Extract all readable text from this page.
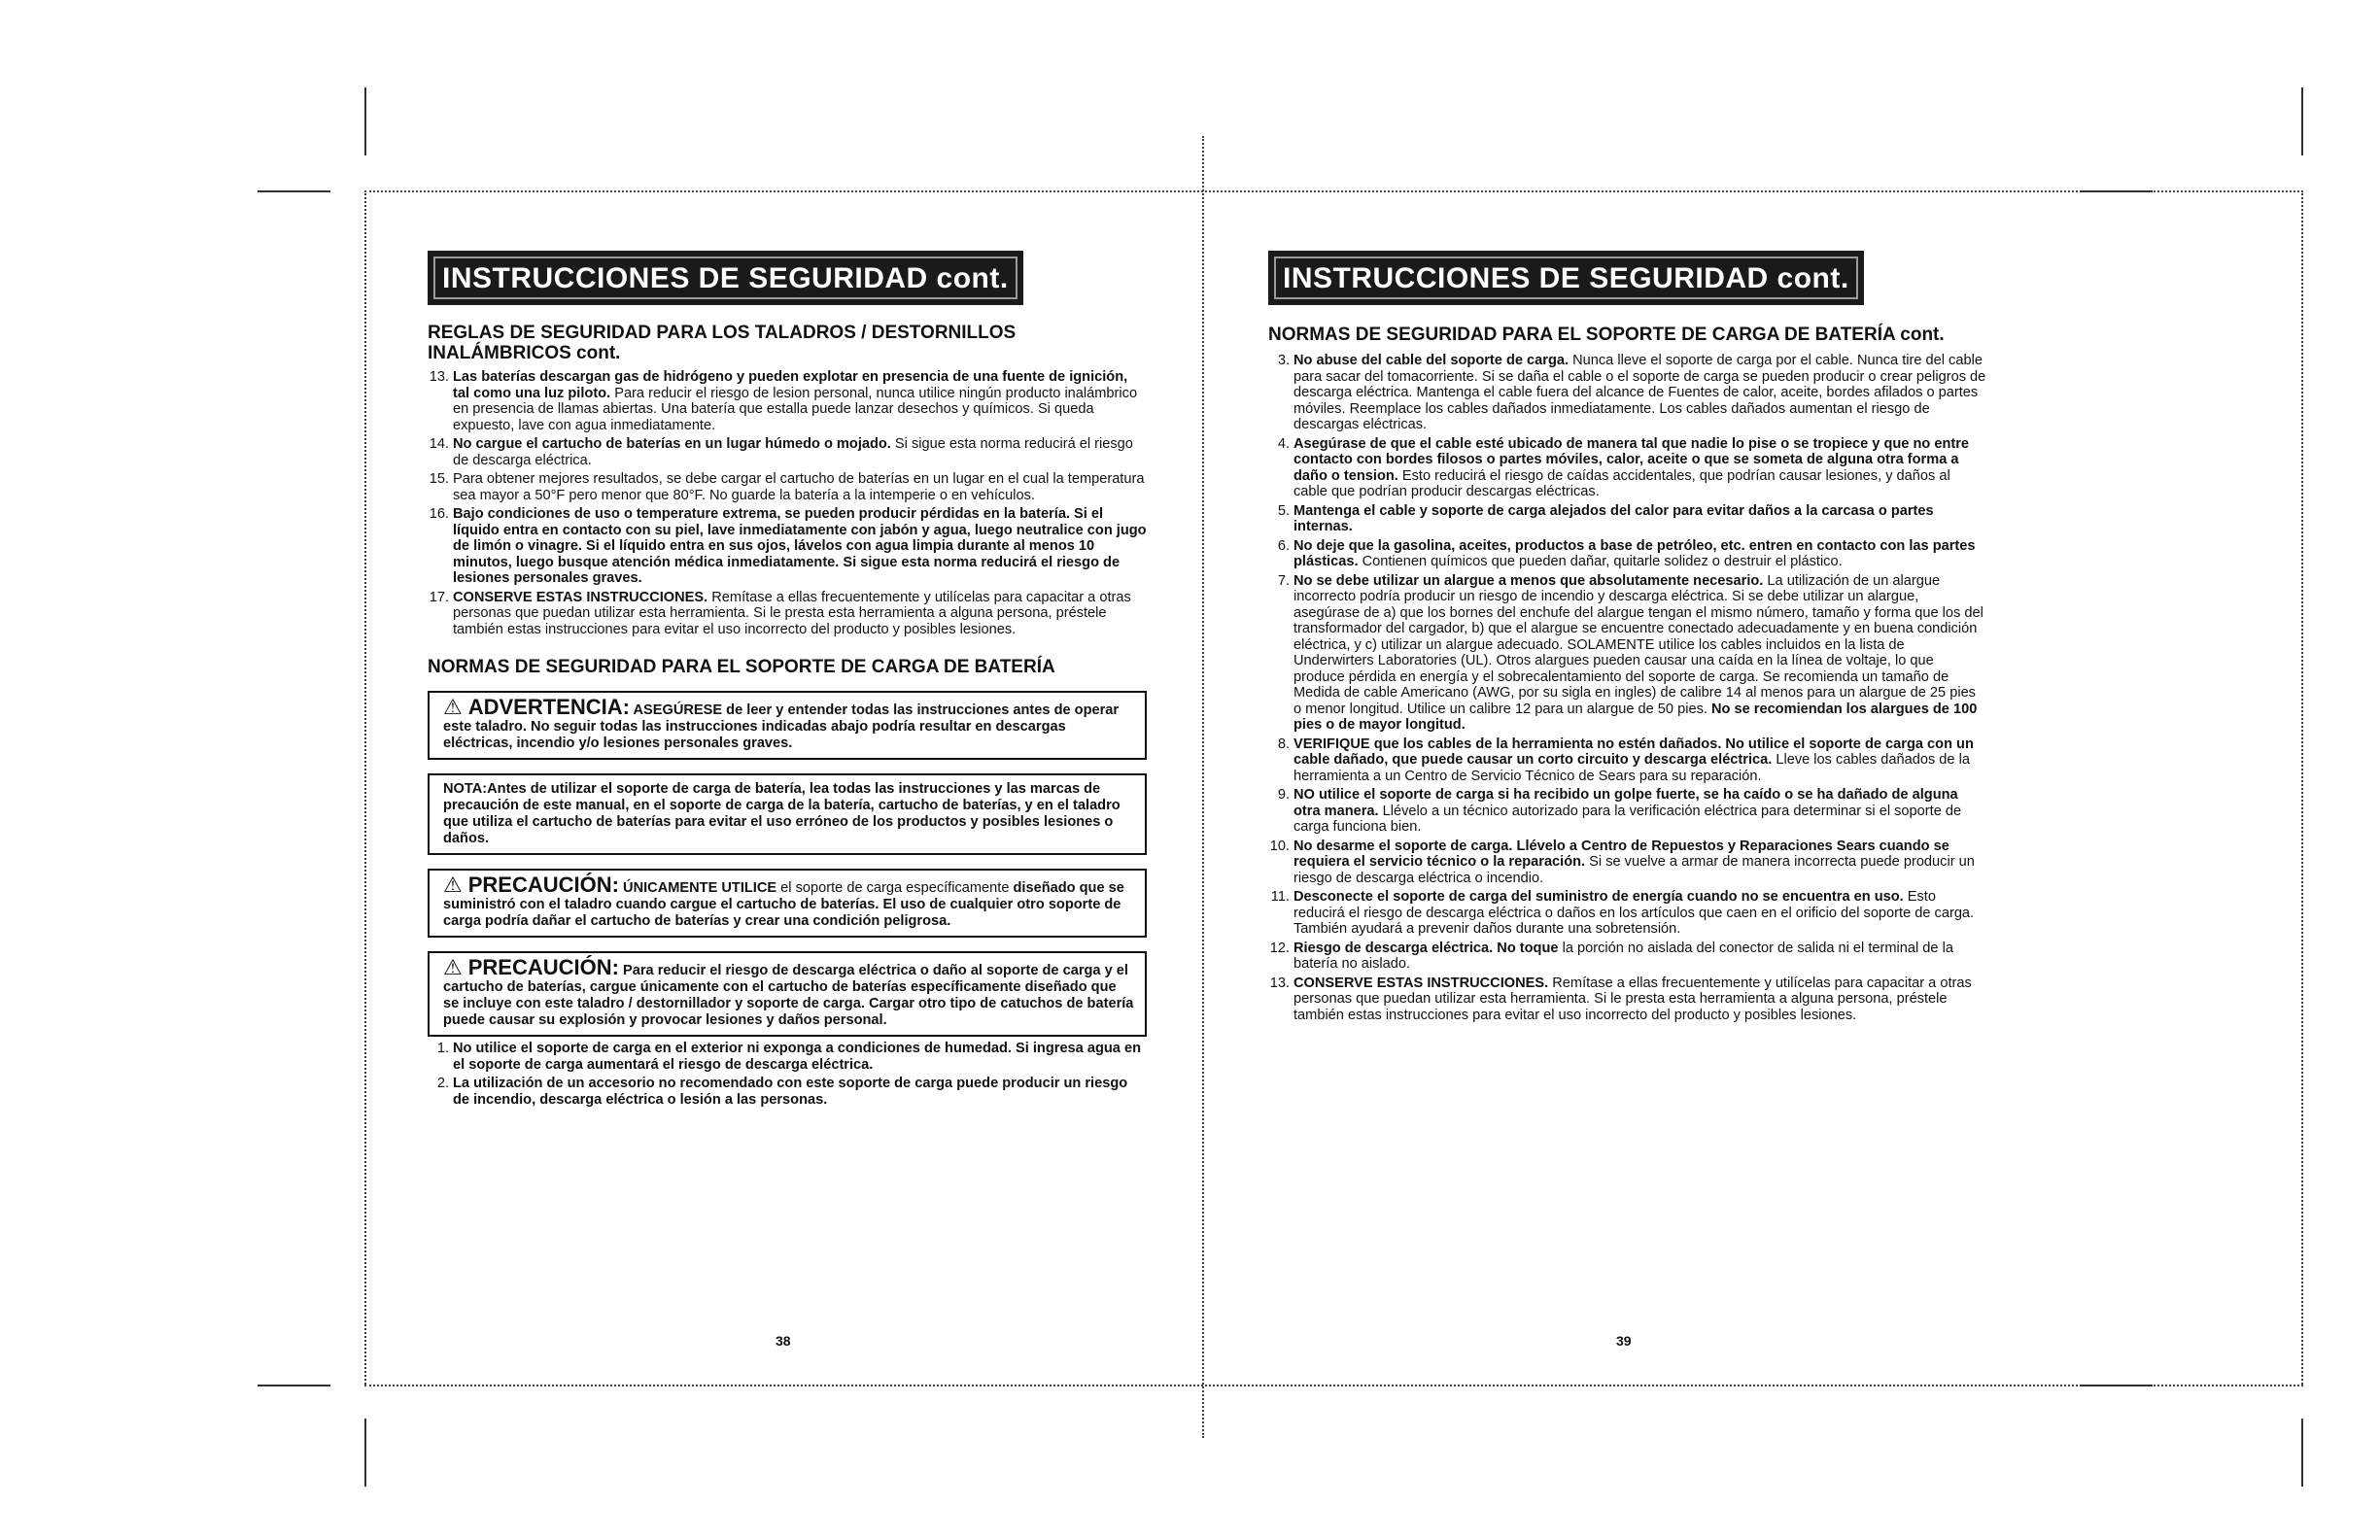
INSTRUCCIONES DE SEGURIDAD cont.
REGLAS DE SEGURIDAD PARA LOS TALADROS / DESTORNILLOS INALÁMBRICOS cont.
13. Las baterías descargan gas de hidrógeno y pueden explotar en presencia de una fuente de ignición, tal como una luz piloto. Para reducir el riesgo de lesion personal, nunca utilice ningún producto inalámbrico en presencia de llamas abiertas. Una batería que estalla puede lanzar desechos y químicos. Si queda expuesto, lave con agua inmediatamente.
14. No cargue el cartucho de baterías en un lugar húmedo o mojado. Si sigue esta norma reducirá el riesgo de descarga eléctrica.
15. Para obtener mejores resultados, se debe cargar el cartucho de baterías en un lugar en el cual la temperatura sea mayor a 50°F pero menor que 80°F. No guarde la batería a la intemperie o en vehículos.
16. Bajo condiciones de uso o temperature extrema, se pueden producir pérdidas en la batería. Si el líquido entra en contacto con su piel, lave inmediatamente con jabón y agua, luego neutralice con jugo de limón o vinagre. Si el líquido entra en sus ojos, lávelos con agua limpia durante al menos 10 minutos, luego busque atención médica inmediatamente. Si sigue esta norma reducirá el riesgo de lesiones personales graves.
17. CONSERVE ESTAS INSTRUCCIONES. Remítase a ellas frecuentemente y utilícelas para capacitar a otras personas que puedan utilizar esta herramienta. Si le presta esta herramienta a alguna persona, préstele también estas instrucciones para evitar el uso incorrecto del producto y posibles lesiones.
NORMAS DE SEGURIDAD PARA EL SOPORTE DE CARGA DE BATERÍA
⚠ ADVERTENCIA: ASEGÚRESE de leer y entender todas las instrucciones antes de operar este taladro. No seguir todas las instrucciones indicadas abajo podría resultar en descargas eléctricas, incendio y/o lesiones personales graves.
NOTA:Antes de utilizar el soporte de carga de batería, lea todas las instrucciones y las marcas de precaución de este manual, en el soporte de carga de la batería, cartucho de baterías, y en el taladro que utiliza el cartucho de baterías para evitar el uso erróneo de los productos y posibles lesiones o daños.
⚠ PRECAUCIÓN: ÚNICAMENTE UTILICE el soporte de carga específicamente diseñado que se suministró con el taladro cuando cargue el cartucho de baterías. El uso de cualquier otro soporte de carga podría dañar el cartucho de baterías y crear una condición peligrosa.
⚠ PRECAUCIÓN: Para reducir el riesgo de descarga eléctrica o daño al soporte de carga y el cartucho de baterías, cargue únicamente con el cartucho de baterías específicamente diseñado que se incluye con este taladro / destornillador y soporte de carga. Cargar otro tipo de catuchos de batería puede causar su explosión y provocar lesiones y daños personal.
1. No utilice el soporte de carga en el exterior ni exponga a condiciones de humedad. Si ingresa agua en el soporte de carga aumentará el riesgo de descarga eléctrica.
2. La utilización de un accesorio no recomendado con este soporte de carga puede producir un riesgo de incendio, descarga eléctrica o lesión a las personas.
38
INSTRUCCIONES DE SEGURIDAD cont.
NORMAS DE SEGURIDAD PARA EL SOPORTE DE CARGA DE BATERÍA cont.
3. No abuse del cable del soporte de carga. Nunca lleve el soporte de carga por el cable. Nunca tire del cable para sacar del tomacorriente. Si se daña el cable o el soporte de carga se pueden producir o crear peligros de descarga eléctrica. Mantenga el cable fuera del alcance de Fuentes de calor, aceite, bordes afilados o partes móviles. Reemplace los cables dañados inmediatamente. Los cables dañados aumentan el riesgo de descargas eléctricas.
4. Asegúrase de que el cable esté ubicado de manera tal que nadie lo pise o se tropiece y que no entre contacto con bordes filosos o partes móviles, calor, aceite o que se someta de alguna otra forma a daño o tension. Esto reducirá el riesgo de caídas accidentales, que podrían causar lesiones, y daños al cable que podrían producir descargas eléctricas.
5. Mantenga el cable y soporte de carga alejados del calor para evitar daños a la carcasa o partes internas.
6. No deje que la gasolina, aceites, productos a base de petróleo, etc. entren en contacto con las partes plásticas. Contienen químicos que pueden dañar, quitarle solidez o destruir el plástico.
7. No se debe utilizar un alargue a menos que absolutamente necesario. La utilización de un alargue incorrecto podría producir un riesgo de incendio y descarga eléctrica. Si se debe utilizar un alargue, asegúrase de a) que los bornes del enchufe del alargue tengan el mismo número, tamaño y forma que los del transformador del cargador, b) que el alargue se encuentre conectado adecuadamente y en buena condición eléctrica, y c) utilizar un alargue adecuado. SOLAMENTE utilice los cables incluidos en la lista de Underwirters Laboratories (UL). Otros alargues pueden causar una caída en la línea de voltaje, lo que produce pérdida en energía y el sobrecalentamiento del soporte de carga. Se recomienda un tamaño de Medida de cable Americano (AWG, por su sigla en ingles) de calibre 14 al menos para un alargue de 25 pies o menor longitud. Utilice un calibre 12 para un alargue de 50 pies. No se recomiendan los alargues de 100 pies o de mayor longitud.
8. VERIFIQUE que los cables de la herramienta no estén dañados. No utilice el soporte de carga con un cable dañado, que puede causar un corto circuito y descarga eléctrica. Lleve los cables dañados de la herramienta a un Centro de Servicio Técnico de Sears para su reparación.
9. NO utilice el soporte de carga si ha recibido un golpe fuerte, se ha caído o se ha dañado de alguna otra manera. Llévelo a un técnico autorizado para la verificación eléctrica para determinar si el soporte de carga funciona bien.
10. No desarme el soporte de carga. Llévelo a Centro de Repuestos y Reparaciones Sears cuando se requiera el servicio técnico o la reparación. Si se vuelve a armar de manera incorrecta puede producir un riesgo de descarga eléctrica o incendio.
11. Desconecte el soporte de carga del suministro de energía cuando no se encuentra en uso. Esto reducirá el riesgo de descarga eléctrica o daños en los artículos que caen en el orificio del soporte de carga. También ayudará a prevenir daños durante una sobretensión.
12. Riesgo de descarga eléctrica. No toque la porción no aislada del conector de salida ni el terminal de la batería no aislado.
13. CONSERVE ESTAS INSTRUCCIONES. Remítase a ellas frecuentemente y utilícelas para capacitar a otras personas que puedan utilizar esta herramienta. Si le presta esta herramienta a alguna persona, préstele también estas instrucciones para evitar el uso incorrecto del producto y posibles lesiones.
39
